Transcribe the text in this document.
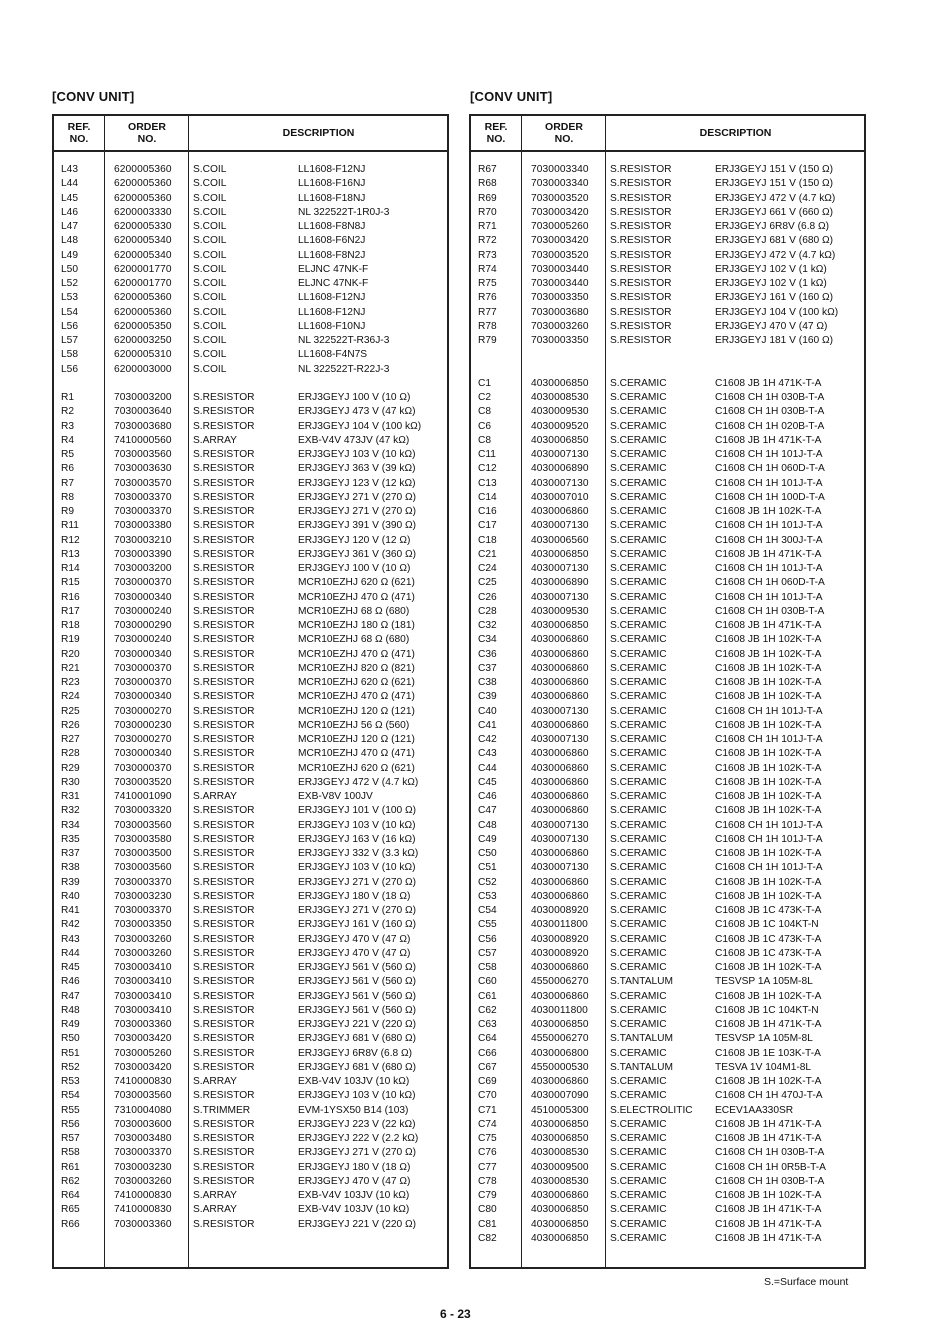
[CONV UNIT]	[CONV UNIT]
REF.
NO.
ORDER
NO.	DESCRIPTION
L43	6200005360 S.COIL	LL1608-F12NJ
L44	6200005360 S.COIL	LL1608-F16NJ
L45	6200005360 S.COIL	LL1608-F18NJ
L46	6200003330 S.COIL	NL 322522T-1R0J-3
L47	6200005330 S.COIL	LL1608-F8N8J
L48	6200005340 S.COIL	LL1608-F6N2J
L49	6200005340 S.COIL	LL1608-F8N2J
L50	6200001770 S.COIL	ELJNC 47NK-F
L52	6200001770 S.COIL	ELJNC 47NK-F
L53	6200005360 S.COIL	LL1608-F12NJ
L54	6200005360 S.COIL	LL1608-F12NJ
L56	6200005350 S.COIL	LL1608-F10NJ
L57	6200003250 S.COIL	NL 322522T-R36J-3
L58	6200005310 S.COIL	LL1608-F4N7S
L56	6200003000 S.COIL	NL 322522T-R22J-3
R1	7030003200 S.RESISTOR	ERJ3GEYJ 100 V (10 Ω)
R2	7030003640 S.RESISTOR	ERJ3GEYJ 473 V (47 kΩ)
R3	7030003680 S.RESISTOR	ERJ3GEYJ 104 V (100 kΩ)
R4	7410000560 S.ARRAY	EXB-V4V 473JV (47 kΩ)
R5	7030003560 S.RESISTOR	ERJ3GEYJ 103 V (10 kΩ)
R6	7030003630 S.RESISTOR	ERJ3GEYJ 363 V (39 kΩ)
R7	7030003570 S.RESISTOR	ERJ3GEYJ 123 V (12 kΩ)
R8	7030003370 S.RESISTOR	ERJ3GEYJ 271 V (270 Ω)
R9	7030003370 S.RESISTOR	ERJ3GEYJ 271 V (270 Ω)
R11	7030003380 S.RESISTOR	ERJ3GEYJ 391 V (390 Ω)
R12	7030003210 S.RESISTOR	ERJ3GEYJ 120 V (12 Ω)
R13	7030003390 S.RESISTOR	ERJ3GEYJ 361 V (360 Ω)
R14	7030003200 S.RESISTOR	ERJ3GEYJ 100 V (10 Ω)
R15	7030000370 S.RESISTOR	MCR10EZHJ 620 Ω (621)
R16	7030000340 S.RESISTOR	MCR10EZHJ 470 Ω (471)
R17	7030000240 S.RESISTOR	MCR10EZHJ 68 Ω (680)
R18	7030000290 S.RESISTOR	MCR10EZHJ 180 Ω (181)
R19	7030000240 S.RESISTOR	MCR10EZHJ 68 Ω (680)
R20	7030000340 S.RESISTOR	MCR10EZHJ 470 Ω (471)
R21	7030000370 S.RESISTOR	MCR10EZHJ 820 Ω (821)
R23	7030000370 S.RESISTOR	MCR10EZHJ 620 Ω (621)
R24	7030000340 S.RESISTOR	MCR10EZHJ 470 Ω (471)
R25	7030000270 S.RESISTOR	MCR10EZHJ 120 Ω (121)
R26	7030000230 S.RESISTOR	MCR10EZHJ 56 Ω (560)
R27	7030000270 S.RESISTOR	MCR10EZHJ 120 Ω (121)
R28	7030000340 S.RESISTOR	MCR10EZHJ 470 Ω (471)
R29	7030000370 S.RESISTOR	MCR10EZHJ 620 Ω (621)
R30	7030003520 S.RESISTOR	ERJ3GEYJ 472 V (4.7 kΩ)
R31	7410001090 S.ARRAY	EXB-V8V 100JV
R32	7030003320 S.RESISTOR	ERJ3GEYJ 101 V (100 Ω)
R34	7030003560 S.RESISTOR	ERJ3GEYJ 103 V (10 kΩ)
R35	7030003580 S.RESISTOR	ERJ3GEYJ 163 V (16 kΩ)
R37	7030003500 S.RESISTOR	ERJ3GEYJ 332 V (3.3 kΩ)
R38	7030003560 S.RESISTOR	ERJ3GEYJ 103 V (10 kΩ)
R39	7030003370 S.RESISTOR	ERJ3GEYJ 271 V (270 Ω)
R40	7030003230 S.RESISTOR	ERJ3GEYJ 180 V (18 Ω)
R41	7030003370 S.RESISTOR	ERJ3GEYJ 271 V (270 Ω)
R42	7030003350 S.RESISTOR	ERJ3GEYJ 161 V (160 Ω)
R43	7030003260 S.RESISTOR	ERJ3GEYJ 470 V (47 Ω)
R44	7030003260 S.RESISTOR	ERJ3GEYJ 470 V (47 Ω)
R45	7030003410 S.RESISTOR	ERJ3GEYJ 561 V (560 Ω)
R46	7030003410 S.RESISTOR	ERJ3GEYJ 561 V (560 Ω)
R47	7030003410 S.RESISTOR	ERJ3GEYJ 561 V (560 Ω)
R48	7030003410 S.RESISTOR	ERJ3GEYJ 561 V (560 Ω)
R49	7030003360 S.RESISTOR	ERJ3GEYJ 221 V (220 Ω)
R50	7030003420 S.RESISTOR	ERJ3GEYJ 681 V (680 Ω)
R51	7030005260 S.RESISTOR	ERJ3GEYJ 6R8V (6.8 Ω)
R52	7030003420 S.RESISTOR	ERJ3GEYJ 681 V (680 Ω)
R53	7410000830 S.ARRAY	EXB-V4V 103JV (10 kΩ)
R54	7030003560 S.RESISTOR	ERJ3GEYJ 103 V (10 kΩ)
R55	7310004080 S.TRIMMER	EVM-1YSX50 B14 (103)
R56	7030003600 S.RESISTOR	ERJ3GEYJ 223 V (22 kΩ)
R57	7030003480 S.RESISTOR	ERJ3GEYJ 222 V (2.2 kΩ)
R58	7030003370 S.RESISTOR	ERJ3GEYJ 271 V (270 Ω)
R61	7030003230 S.RESISTOR	ERJ3GEYJ 180 V (18 Ω)
R62	7030003260 S.RESISTOR	ERJ3GEYJ 470 V (47 Ω)
R64	7410000830 S.ARRAY	EXB-V4V 103JV (10 kΩ)
R65	7410000830 S.ARRAY	EXB-V4V 103JV (10 kΩ)
R66	7030003360 S.RESISTOR	ERJ3GEYJ 221 V (220 Ω)
REF.
NO.
ORDER
NO.	DESCRIPTION
R67	7030003340 S.RESISTOR	ERJ3GEYJ 151 V (150 Ω)
R68	7030003340 S.RESISTOR	ERJ3GEYJ 151 V (150 Ω)
R69	7030003520 S.RESISTOR	ERJ3GEYJ 472 V (4.7 kΩ)
R70	7030003420 S.RESISTOR	ERJ3GEYJ 661 V (660 Ω)
R71	7030005260 S.RESISTOR	ERJ3GEYJ 6R8V (6.8 Ω)
R72	7030003420 S.RESISTOR	ERJ3GEYJ 681 V (680 Ω)
R73	7030003520 S.RESISTOR	ERJ3GEYJ 472 V (4.7 kΩ)
R74	7030003440 S.RESISTOR	ERJ3GEYJ 102 V (1 kΩ)
R75	7030003440 S.RESISTOR	ERJ3GEYJ 102 V (1 kΩ)
R76	7030003350 S.RESISTOR	ERJ3GEYJ 161 V (160 Ω)
R77	7030003680 S.RESISTOR	ERJ3GEYJ 104 V (100 kΩ)
R78	7030003260 S.RESISTOR	ERJ3GEYJ 470 V (47 Ω)
R79	7030003350 S.RESISTOR	ERJ3GEYJ 181 V (160 Ω)
C1	4030006850 S.CERAMIC	C1608 JB 1H 471K-T-A
C2	4030008530 S.CERAMIC	C1608 CH 1H 030B-T-A
C8	4030009530 S.CERAMIC	C1608 CH 1H 030B-T-A
C6	4030009520 S.CERAMIC	C1608 CH 1H 020B-T-A
C8	4030006850 S.CERAMIC	C1608 JB 1H 471K-T-A
C11	4030007130 S.CERAMIC	C1608 CH 1H 101J-T-A
C12	4030006890 S.CERAMIC	C1608 CH 1H 060D-T-A
C13	4030007130 S.CERAMIC	C1608 CH 1H 101J-T-A
C14	4030007010 S.CERAMIC	C1608 CH 1H 100D-T-A
C16	4030006860 S.CERAMIC	C1608 JB 1H 102K-T-A
C17	4030007130 S.CERAMIC	C1608 CH 1H 101J-T-A
C18	4030006560 S.CERAMIC	C1608 CH 1H 300J-T-A
C21	4030006850 S.CERAMIC	C1608 JB 1H 471K-T-A
C24	4030007130 S.CERAMIC	C1608 CH 1H 101J-T-A
C25	4030006890 S.CERAMIC	C1608 CH 1H 060D-T-A
C26	4030007130 S.CERAMIC	C1608 CH 1H 101J-T-A
C28	4030009530 S.CERAMIC	C1608 CH 1H 030B-T-A
C32	4030006850 S.CERAMIC	C1608 JB 1H 471K-T-A
C34	4030006860 S.CERAMIC	C1608 JB 1H 102K-T-A
C36	4030006860 S.CERAMIC	C1608 JB 1H 102K-T-A
C37	4030006860 S.CERAMIC	C1608 JB 1H 102K-T-A
C38	4030006860 S.CERAMIC	C1608 JB 1H 102K-T-A
C39	4030006860 S.CERAMIC	C1608 JB 1H 102K-T-A
C40	4030007130 S.CERAMIC	C1608 CH 1H 101J-T-A
C41	4030006860 S.CERAMIC	C1608 JB 1H 102K-T-A
C42	4030007130 S.CERAMIC	C1608 CH 1H 101J-T-A
C43	4030006860 S.CERAMIC	C1608 JB 1H 102K-T-A
C44	4030006860 S.CERAMIC	C1608 JB 1H 102K-T-A
C45	4030006860 S.CERAMIC	C1608 JB 1H 102K-T-A
C46	4030006860 S.CERAMIC	C1608 JB 1H 102K-T-A
C47	4030006860 S.CERAMIC	C1608 JB 1H 102K-T-A
C48	4030007130 S.CERAMIC	C1608 CH 1H 101J-T-A
C49	4030007130 S.CERAMIC	C1608 CH 1H 101J-T-A
C50	4030006860 S.CERAMIC	C1608 JB 1H 102K-T-A
C51	4030007130 S.CERAMIC	C1608 CH 1H 101J-T-A
C52	4030006860 S.CERAMIC	C1608 JB 1H 102K-T-A
C53	4030006860 S.CERAMIC	C1608 JB 1H 102K-T-A
C54	4030008920 S.CERAMIC	C1608 JB 1C 473K-T-A
C55	4030011800 S.CERAMIC	C1608 JB 1C 104KT-N
C56	4030008920 S.CERAMIC	C1608 JB 1C 473K-T-A
C57	4030008920 S.CERAMIC	C1608 JB 1C 473K-T-A
C58	4030006860 S.CERAMIC	C1608 JB 1H 102K-T-A
C60	4550006270 S.TANTALUM	TESVSP 1A 105M-8L
C61	4030006860 S.CERAMIC	C1608 JB 1H 102K-T-A
C62	4030011800 S.CERAMIC	C1608 JB 1C 104KT-N
C63	4030006850 S.CERAMIC	C1608 JB 1H 471K-T-A
C64	4550006270 S.TANTALUM	TESVSP 1A 105M-8L
C66	4030006800 S.CERAMIC	C1608 JB 1E 103K-T-A
C67	4550000530 S.TANTALUM	TESVA 1V 104M1-8L
C69	4030006860 S.CERAMIC	C1608 JB 1H 102K-T-A
C70	4030007090 S.CERAMIC	C1608 CH 1H 470J-T-A
C71	4510005300 S.ELECTROLITIC ECEV1AA330SR
C74	4030006850 S.CERAMIC	C1608 JB 1H 471K-T-A
C75	4030006850 S.CERAMIC	C1608 JB 1H 471K-T-A
C76	4030008530 S.CERAMIC	C1608 CH 1H 030B-T-A
C77	4030009500 S.CERAMIC	C1608 CH 1H 0R5B-T-A
C78	4030008530 S.CERAMIC	C1608 CH 1H 030B-T-A
C79	4030006860 S.CERAMIC	C1608 JB 1H 102K-T-A
C80	4030006850 S.CERAMIC	C1608 JB 1H 471K-T-A
C81	4030006850 S.CERAMIC	C1608 JB 1H 471K-T-A
C82	4030006850 S.CERAMIC	C1608 JB 1H 471K-T-A
S.=Surface mount
6 - 23
